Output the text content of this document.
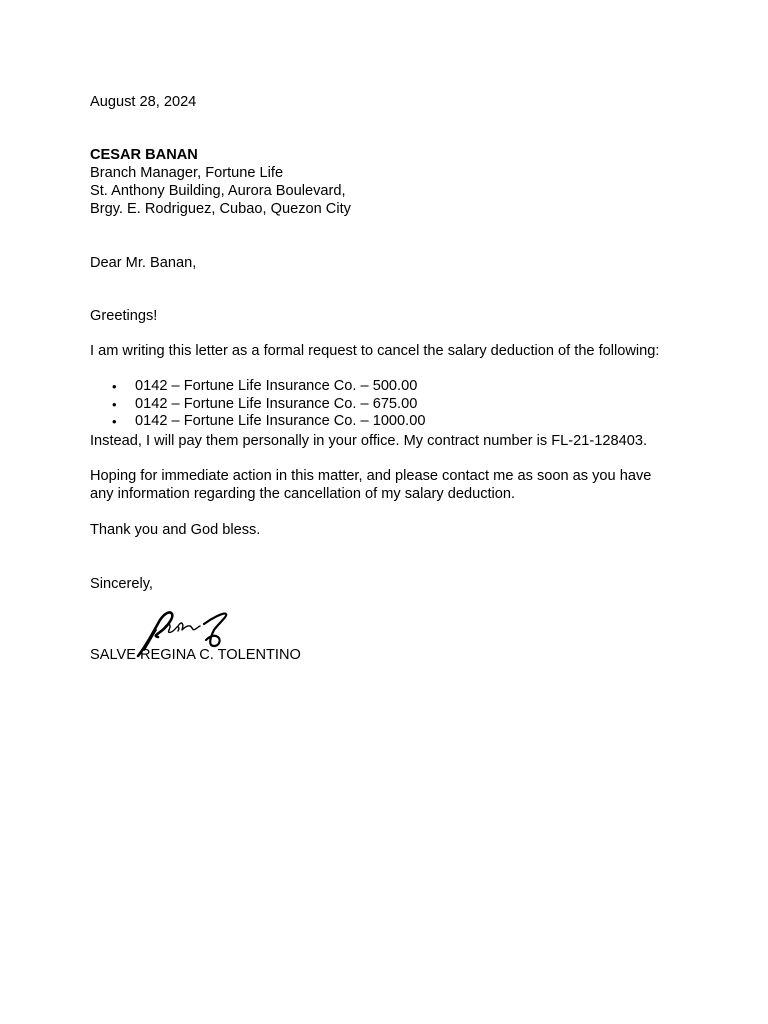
August 28, 2024
CESAR BANAN
Branch Manager, Fortune Life
St. Anthony Building, Aurora Boulevard,
Brgy. E. Rodriguez, Cubao, Quezon City
Dear Mr. Banan,
Greetings!
I am writing this letter as a formal request to cancel the salary deduction of the following:
• 0142 – Fortune Life Insurance Co. – 500.00
• 0142 – Fortune Life Insurance Co. – 675.00
• 0142 – Fortune Life Insurance Co. – 1000.00
Instead, I will pay them personally in your office. My contract number is FL-21-128403.
Hoping for immediate action in this matter, and please contact me as soon as you have any information regarding the cancellation of my salary deduction.
Thank you and God bless.
Sincerely,
SALVE REGINA C. TOLENTINO
